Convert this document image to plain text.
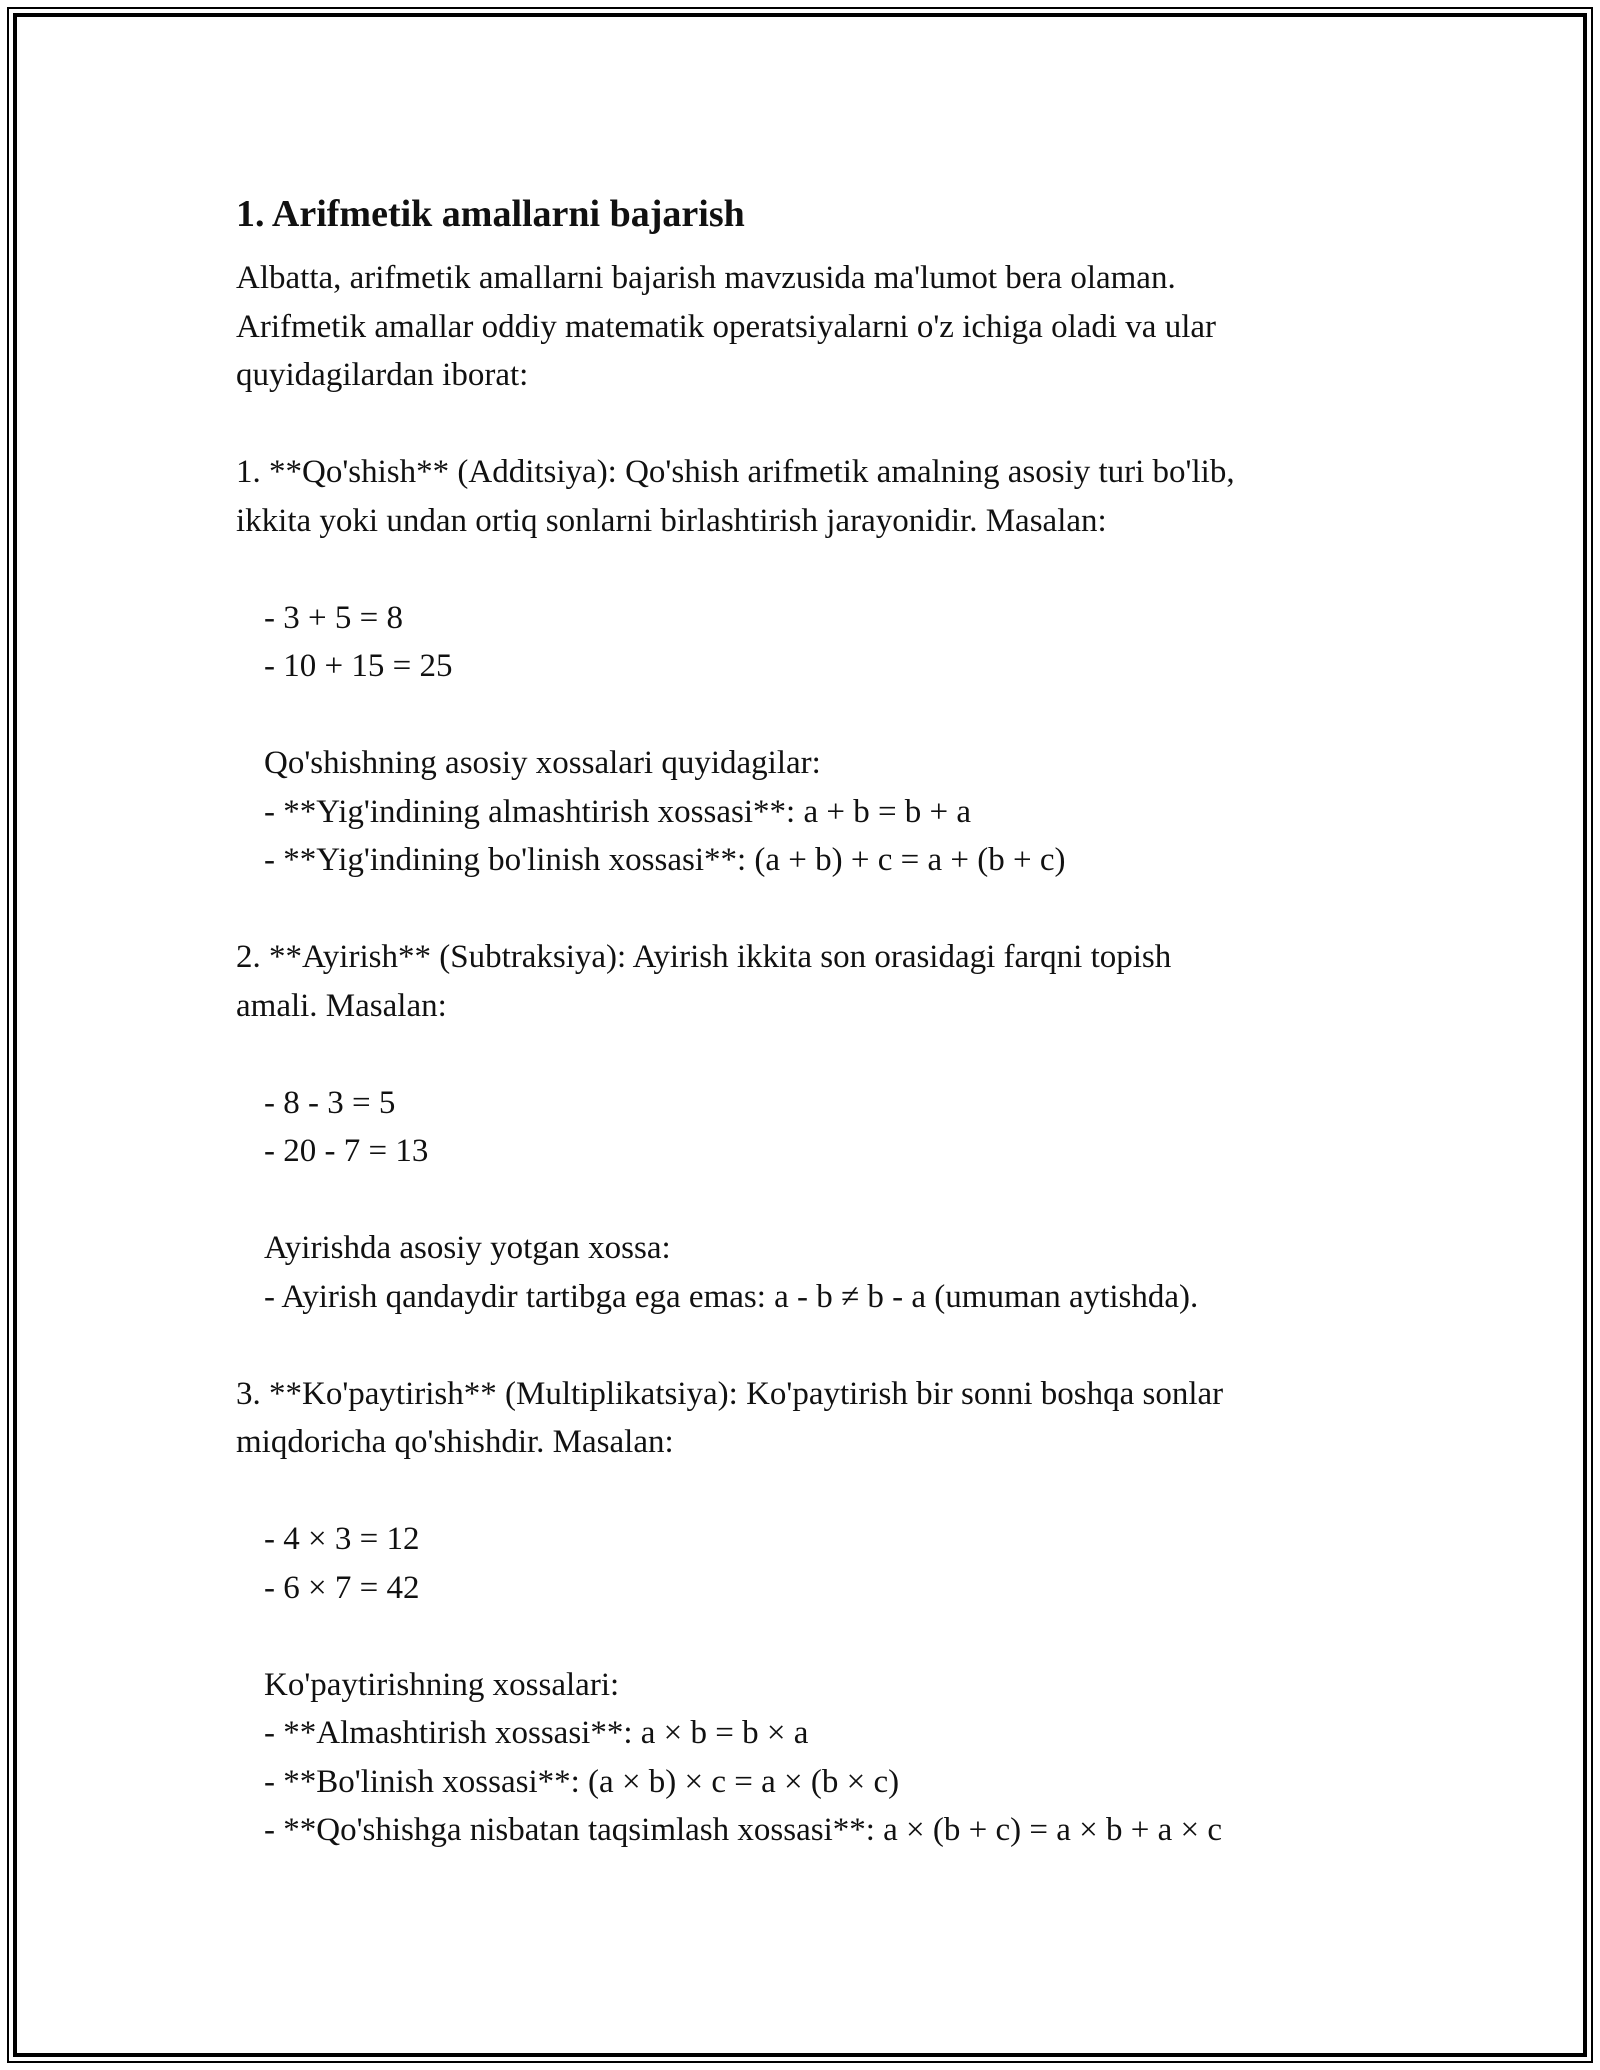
1. Arifmetik amallarni bajarish
Albatta, arifmetik amallarni bajarish mavzusida ma'lumot bera olaman.
Arifmetik amallar oddiy matematik operatsiyalarni o'z ichiga oladi va ular
quyidagilardan iborat:
1. **Qo'shish** (Additsiya): Qo'shish arifmetik amalning asosiy turi bo'lib,
ikkita yoki undan ortiq sonlarni birlashtirish jarayonidir. Masalan:
- 3 + 5 = 8
- 10 + 15 = 25
Qo'shishning asosiy xossalari quyidagilar:
- **Yig'indining almashtirish xossasi**: a + b = b + a
- **Yig'indining bo'linish xossasi**: (a + b) + c = a + (b + c)
2. **Ayirish** (Subtraksiya): Ayirish ikkita son orasidagi farqni topish
amali. Masalan:
- 8 - 3 = 5
- 20 - 7 = 13
Ayirishda asosiy yotgan xossa:
- Ayirish qandaydir tartibga ega emas: a - b ≠ b - a (umuman aytishda).
3. **Ko'paytirish** (Multiplikatsiya): Ko'paytirish bir sonni boshqa sonlar
miqdoricha qo'shishdir. Masalan:
- 4 × 3 = 12
- 6 × 7 = 42
Ko'paytirishning xossalari:
- **Almashtirish xossasi**: a × b = b × a
- **Bo'linish xossasi**: (a × b) × c = a × (b × c)
- **Qo'shishga nisbatan taqsimlash xossasi**: a × (b + c) = a × b + a × c
